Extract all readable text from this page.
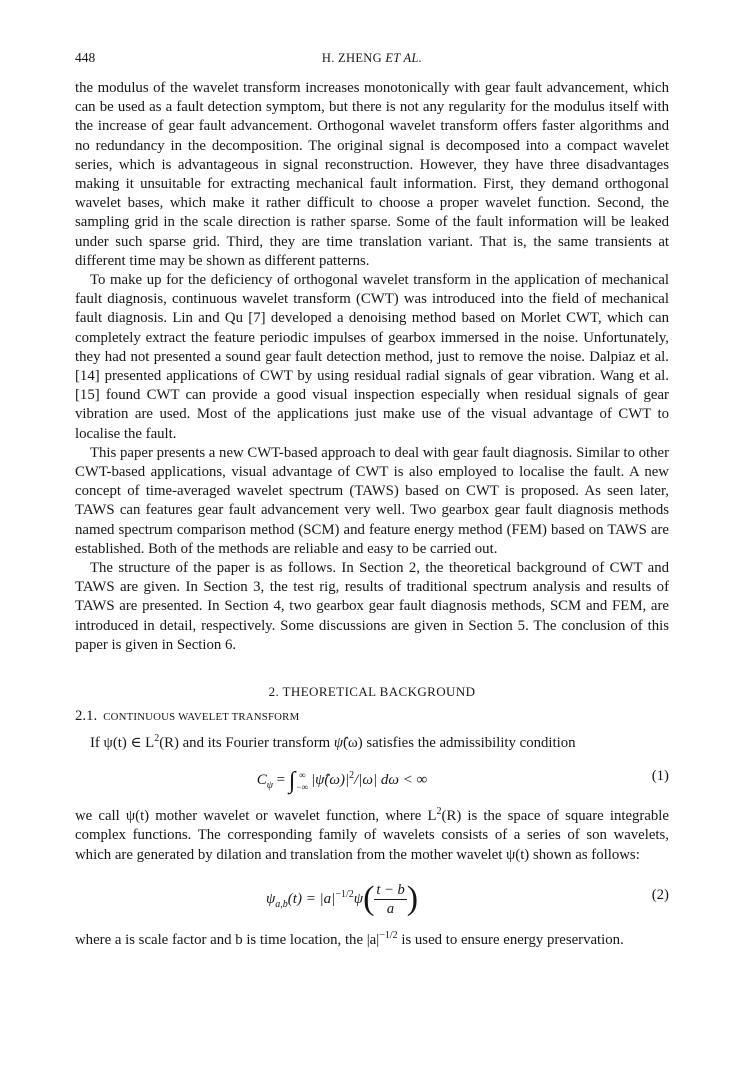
448	H. ZHENG ET AL.

the modulus of the wavelet transform increases monotonically with gear fault advancement, which can be used as a fault detection symptom, but there is not any regularity for the modulus itself with the increase of gear fault advancement. Orthogonal wavelet transform offers faster algorithms and no redundancy in the decomposition. The original signal is decomposed into a compact wavelet series, which is advantageous in signal reconstruction. However, they have three disadvantages making it unsuitable for extracting mechanical fault information. First, they demand orthogonal wavelet bases, which make it rather difficult to choose a proper wavelet function. Second, the sampling grid in the scale direction is rather sparse. Some of the fault information will be leaked under such sparse grid. Third, they are time translation variant. That is, the same transients at different time may be shown as different patterns.

To make up for the deficiency of orthogonal wavelet transform in the application of mechanical fault diagnosis, continuous wavelet transform (CWT) was introduced into the field of mechanical fault diagnosis. Lin and Qu [7] developed a denoising method based on Morlet CWT, which can completely extract the feature periodic impulses of gearbox immersed in the noise. Unfortunately, they had not presented a sound gear fault detection method, just to remove the noise. Dalpiaz et al. [14] presented applications of CWT by using residual radial signals of gear vibration. Wang et al. [15] found CWT can provide a good visual inspection especially when residual signals of gear vibration are used. Most of the applications just make use of the visual advantage of CWT to localise the fault.

This paper presents a new CWT-based approach to deal with gear fault diagnosis. Similar to other CWT-based applications, visual advantage of CWT is also employed to localise the fault. A new concept of time-averaged wavelet spectrum (TAWS) based on CWT is proposed. As seen later, TAWS can features gear fault advancement very well. Two gearbox gear fault diagnosis methods named spectrum comparison method (SCM) and feature energy method (FEM) based on TAWS are established. Both of the methods are reliable and easy to be carried out.

The structure of the paper is as follows. In Section 2, the theoretical background of CWT and TAWS are given. In Section 3, the test rig, results of traditional spectrum analysis and results of TAWS are presented. In Section 4, two gearbox gear fault diagnosis methods, SCM and FEM, are introduced in detail, respectively. Some discussions are given in Section 5. The conclusion of this paper is given in Section 6.

2. THEORETICAL BACKGROUND
2.1. CONTINUOUS WAVELET TRANSFORM

If ψ(t) ∈ $L^2(R)$ and its Fourier transform ψ̂(ω) satisfies the admissibility condition

$C_\psi$ = ∫ ∞
−∞ $|\psî(\omega)|^2/|\omega|$ dω < ∞	(1)

we call ψ(t) mother wavelet or wavelet function, where $L^2(R)$ is the space of square integrable complex functions. The corresponding family of wavelets consists of a series of son wavelets, which are generated by dilation and translation from the mother wavelet ψ(t) shown as follows:

$\psi_{a,b}(t) = |a|^{-1/2}\psi( \frac{t - b}{a}$ )	(2)

where a is scale factor and b is time location, the $|a|^{-1/2}$ is used to ensure energy preservation.
